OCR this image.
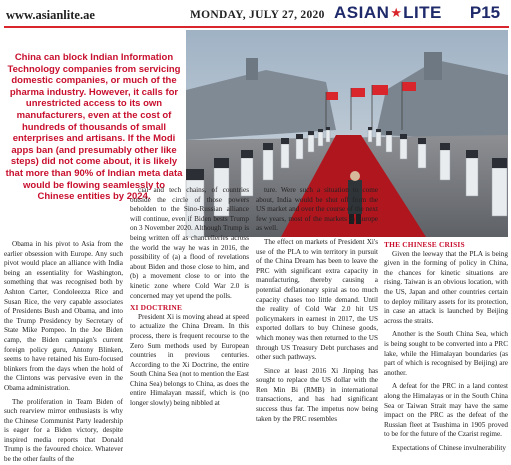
www.asianlite.ae	MONDAY, JULY 27, 2020 ASIAN ★ LITE P15
China can block Indian Information Technology companies from servicing domestic companies, or much of the pharma industry. However, it calls for unrestricted access to its own manufacturers, even at the cost of hundreds of thousands of small enterprises and artisans. If the Modi apps ban (and presumably other like steps) did not come about, it is likely that more than 90% of Indian meta data would be flowing seamlessly to Chinese entities by 2024.

Obama in his pivot to Asia from the earlier obsession with Europe. Any such pivot would place an alliance with India being an essentiality for Washington, something that was recognised both by Ashton Carter, Condoleezza Rice and Susan Rice, the very capable associates of Presidents Bush and Obama, and into the Trump Presidency by Secretary of State Mike Pompeo. In the Joe Biden camp, the Biden campaign's current foreign policy guru, Antony Blinken, seems to have retained his Euro-focused blinkers from the days when the hold of the Clintons was pervasive even in the Obama administration.

The proliferation in Team Biden of such rearview mirror enthusiasts is why the Chinese Communist Party leadership is eager for a Biden victory, despite inspired media reports that Donald Trump is the favoured choice. Whatever be the other faults of the

cial and tech chains, of countries outside the circle of those powers beholden to the Sino-Russian alliance will continue, even if Biden bests Trump on 3 November 2020. Although Trump is being written off as chancelleries across the world the way he was in 2016, the possibility of (a) a flood of revelations about Biden and those close to him, and (b) a movement close to or into the kinetic zone where Cold War 2.0 is concerned may yet upend the polls.

XI DOCTRINE

President Xi is moving ahead at speed to actualize the China Dream. In this process, there is frequent recourse to the Zero Sum methods used by European countries in previous centuries. According to the Xi Doctrine, the entire South China Sea (not to mention the East China Sea) belongs to China, as does the entire Himalayan massif, which is (no longer slowly) being nibbled at

ture. Were such a situation to come about, India would be shut off from the US market and over the course of the next few years, most of the markets in Europe as well.

The effect on markets of President Xi's use of the PLA to win territory in pursuit of the China Dream has been to leave the PRC with significant extra capacity in manufacturing, thereby causing a potential deflationary spiral as too much capacity chases too little demand. Until the reality of Cold War 2.0 hit US policymakers in earnest in 2017, the US exported dollars to buy Chinese goods, which money was then returned to the US through US Treasury Debt purchases and other such pathways.

Since at least 2016 Xi Jinping has sought to replace the US dollar with the Ren Min Bi (RMB) in international transactions, and has had significant success thus far. The impetus now being taken by the PRC resembles

THE CHINESE CRISIS

Given the leeway that the PLA is being given in the forming of policy in China, the chances for kinetic situations are rising. Taiwan is an obvious location, with the US, Japan and other countries certain to deploy military assets for its protection, in case an attack is launched by Beijing across the straits.

Another is the South China Sea, which is being sought to be converted into a PRC lake, while the Himalayan boundaries (as part of which is recognised by Beijing) are another.

A defeat for the PRC in a land contest along the Himalayas or in the South China Sea or Taiwan Strait may have the same impact on the PRC as the defeat of the Russian fleet at Tsushima in 1905 proved to be for the future of the Czarist regime.

Expectations of Chinese invulnerability
